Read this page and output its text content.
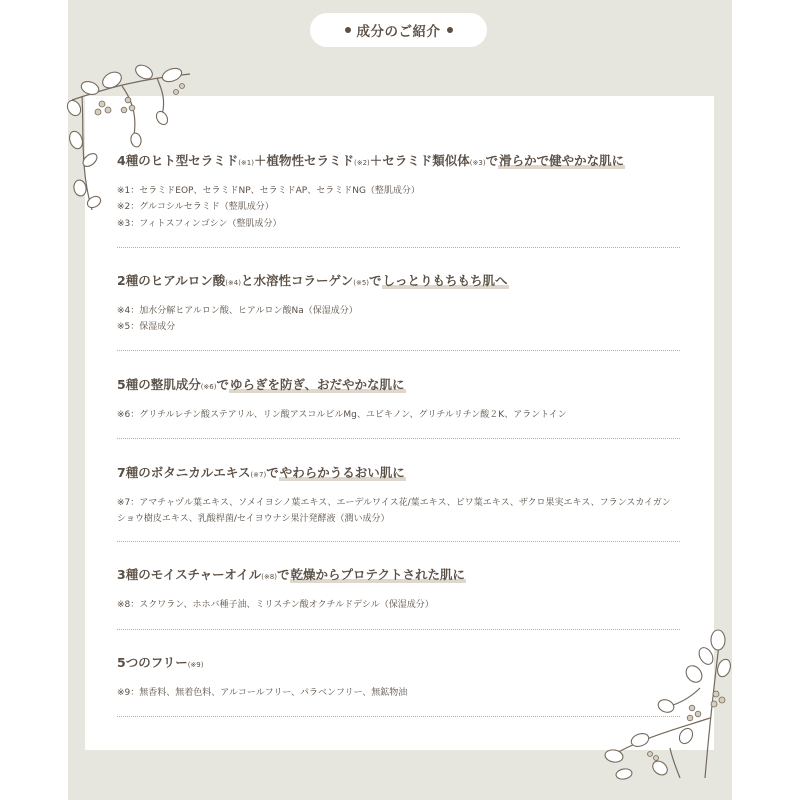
成分のご紹介
4種のヒト型セラミド(※1)＋植物性セラミド(※2)＋セラミド類似体(※3)で滑らかで健やかな肌に
※1：セラミドEOP、セラミドNP、セラミドAP、セラミドNG（整肌成分）
※2：グルコシルセラミド（整肌成分）
※3：フィトスフィンゴシン（整肌成分）
2種のヒアルロン酸(※4)と水溶性コラーゲン(※5)でしっとりもちもち肌へ
※4：加水分解ヒアルロン酸、ヒアルロン酸Na（保湿成分）
※5：保湿成分
5種の整肌成分(※6)でゆらぎを防ぎ、おだやかな肌に
※6：グリチルレチン酸ステアリル、リン酸アスコルビルMg、ユビキノン、グリチルリチン酸２K、アラントイン
7種のボタニカルエキス(※7)でやわらかうるおい肌に
※7：アマチャヅル葉エキス、ソメイヨシノ葉エキス、エーデルワイス花/葉エキス、ビワ葉エキス、ザクロ果実エキス、フランスカイガンショウ樹皮エキス、乳酸桿菌/セイヨウナシ果汁発酵液（潤い成分）
3種のモイスチャーオイル(※8)で乾燥からプロテクトされた肌に
※8：スクワラン、ホホバ種子油、ミリスチン酸オクチルドデシル（保湿成分）
5つのフリー(※9)
※9：無香料、無着色料、アルコールフリー、パラベンフリー、無鉱物油
